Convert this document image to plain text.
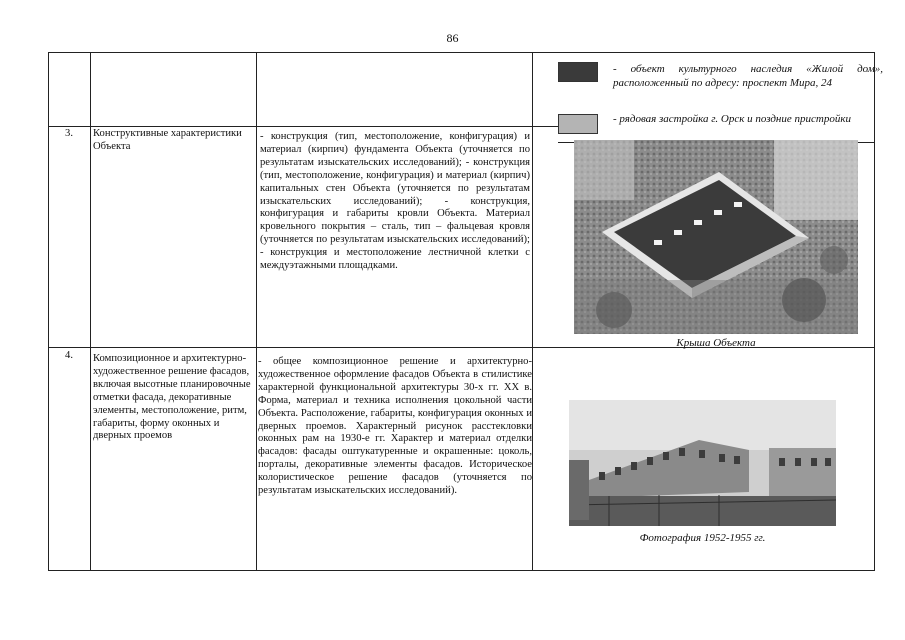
86
- объект культурного наследия «Жилой дом», расположенный по адресу: проспект Мира, 24
- рядовая застройка г. Орск и поздние пристройки
3.	Конструктивные характеристики Объекта
- конструкция (тип, местоположение, конфигурация) и материал (кирпич) фундамента Объекта (уточняется по результатам изыскательских исследований); - конструкция (тип, местоположение, конфигурация) и материал (кирпич) капитальных стен Объекта (уточняется по результатам изыскательских исследований); - конструкция, конфигурация и габариты кровли Объекта. Материал кровельного покрытия – сталь, тип – фальцевая кровля (уточняется по результатам изыскательских исследований); - конструкция и местоположение лестничной клетки с междуэтажными площадками.
Крыша Объекта
4.	Композиционное и архитектурно-художественное решение фасадов, включая высотные планировочные отметки фасада, декоративные элементы, местоположение, ритм, габариты, форму оконных и дверных проемов
- общее композиционное решение и архитектурно-художественное оформление фасадов Объекта в стилистике характерной функциональной архитектуры 30-х гг. XX в. Форма, материал и техника исполнения цокольной части Объекта. Расположение, габариты, конфигурация оконных и дверных проемов. Характерный рисунок расстекловки оконных рам на 1930-е гг. Характер и материал отделки фасадов: фасады оштукатуренные и окрашенные: цоколь, порталы, декоративные элементы фасадов. Историческое колористическое решение фасадов (уточняется по результатам изыскательских исследований).
Фотография 1952-1955 гг.
